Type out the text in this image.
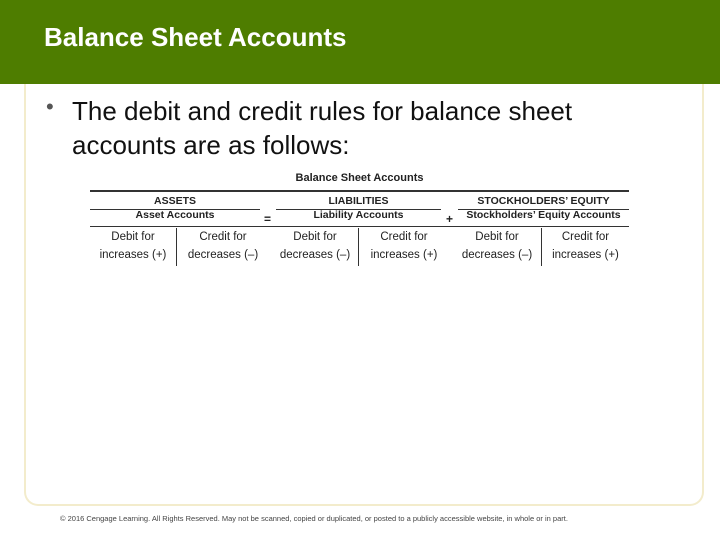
Balance Sheet Accounts
• The debit and credit rules for balance sheet accounts are as follows:
Balance Sheet Accounts
ASSETS
Asset Accounts	=
LIABILITIES
Liability Accounts	+
STOCKHOLDERS’ EQUITY
Stockholders’ Equity Accounts
Debit for
increases (+)
Credit for
decreases (–)
Debit for
decreases (–)
Credit for
increases (+)
Debit for
decreases (–)
Credit for
increases (+)
© 2016 Cengage Learning. All Rights Reserved. May not be scanned, copied or duplicated, or posted to a publicly accessible website, in whole or in part.
